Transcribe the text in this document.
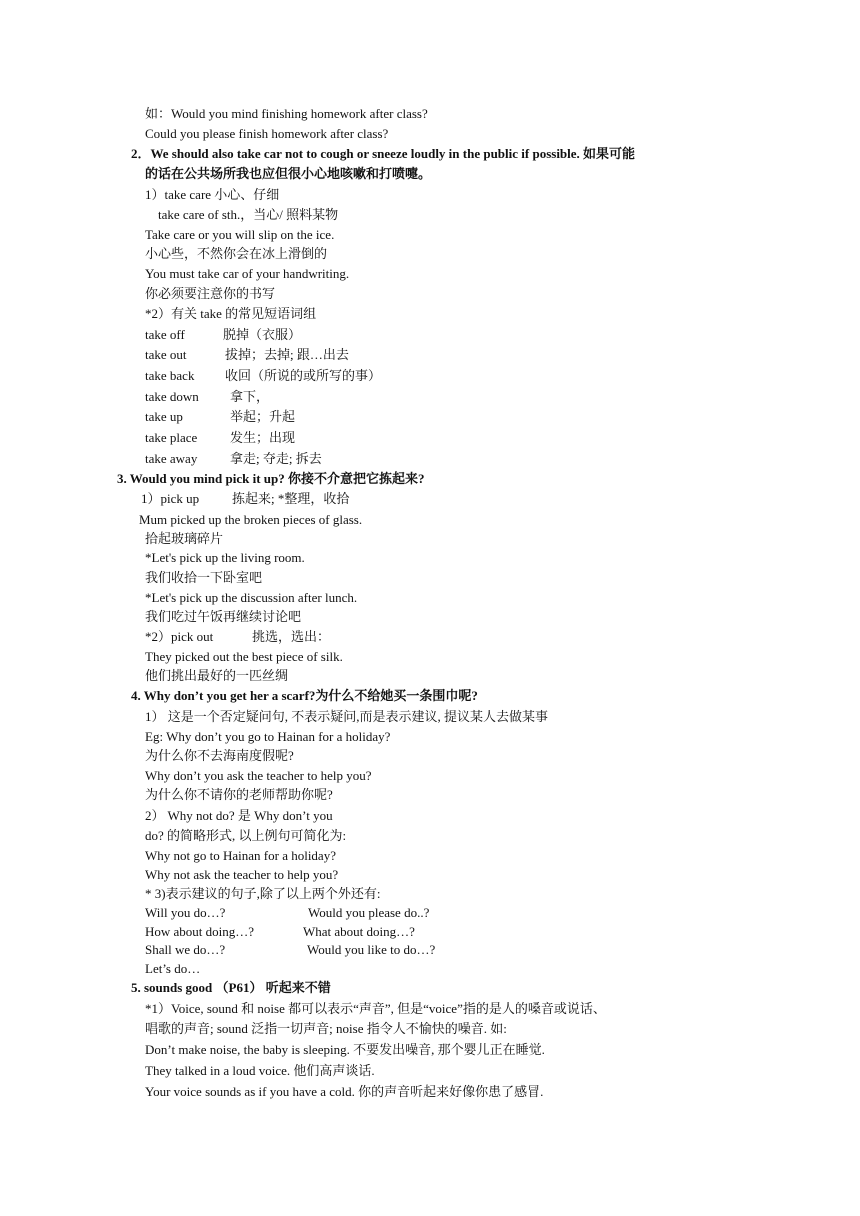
如：Would you mind finishing homework after class?
Could you please finish homework after class?
2．We should also take car not to cough or sneeze loudly in the public if possible. 如果可能
的话在公共场所我也应但很小心地咳嗽和打喷嚏。
1）take care 小心、仔细
take care of sth.，当心/ 照料某物
Take care or you will slip on the ice.
小心些，不然你会在冰上滑倒的
You must take car of your handwriting.
你必须要注意你的书写
*2）有关 take 的常见短语词组
take off	脱掉（衣服）
take out	拔掉；去掉; 跟…出去
take back 收回（所说的或所写的事）
take down 拿下，
take up	举起；升起
take place	发生；出现
take away	拿走; 夺走; 拆去
3. Would you mind pick it up? 你接不介意把它拣起来?
1）pick up	拣起来; *整理，收拾
Mum picked up the broken pieces of glass.
拾起玻璃碎片
*Let's pick up the living room.
我们收拾一下卧室吧
*Let's pick up the discussion after lunch.
我们吃过午饭再继续讨论吧
*2）pick out	挑选，选出：
They picked out the best piece of silk.
他们挑出最好的一匹丝绸
4. Why don’t you get her a scarf?为什么不给她买一条围巾呢?
1） 这是一个否定疑问句, 不表示疑问,而是表示建议, 提议某人去做某事
Eg: Why don’t you go to Hainan for a holiday?
为什么你不去海南度假呢?
Why don’t you ask the teacher to help you?
为什么你不请你的老师帮助你呢?
2） Why not do? 是 Why don’t you
do? 的简略形式, 以上例句可简化为:
Why not go to Hainan for a holiday?
Why not ask the teacher to help you?
* 3)表示建议的句子,除了以上两个外还有:
Will you do…?	Would you please do..?
How about doing…?	What about doing…?
Shall we do…?	Would you like to do…?
Let’s do…
5. sounds good （P61） 听起来不错
*1）Voice, sound 和 noise 都可以表示“声音”, 但是“voice”指的是人的嗓音或说话、
唱歌的声音; sound 泛指一切声音; noise 指令人不愉快的噪音. 如:
Don’t make noise, the baby is sleeping. 不要发出噪音, 那个婴儿正在睡觉.
They talked in a loud voice. 他们高声谈话.
Your voice sounds as if you have a cold. 你的声音听起来好像你患了感冒.
